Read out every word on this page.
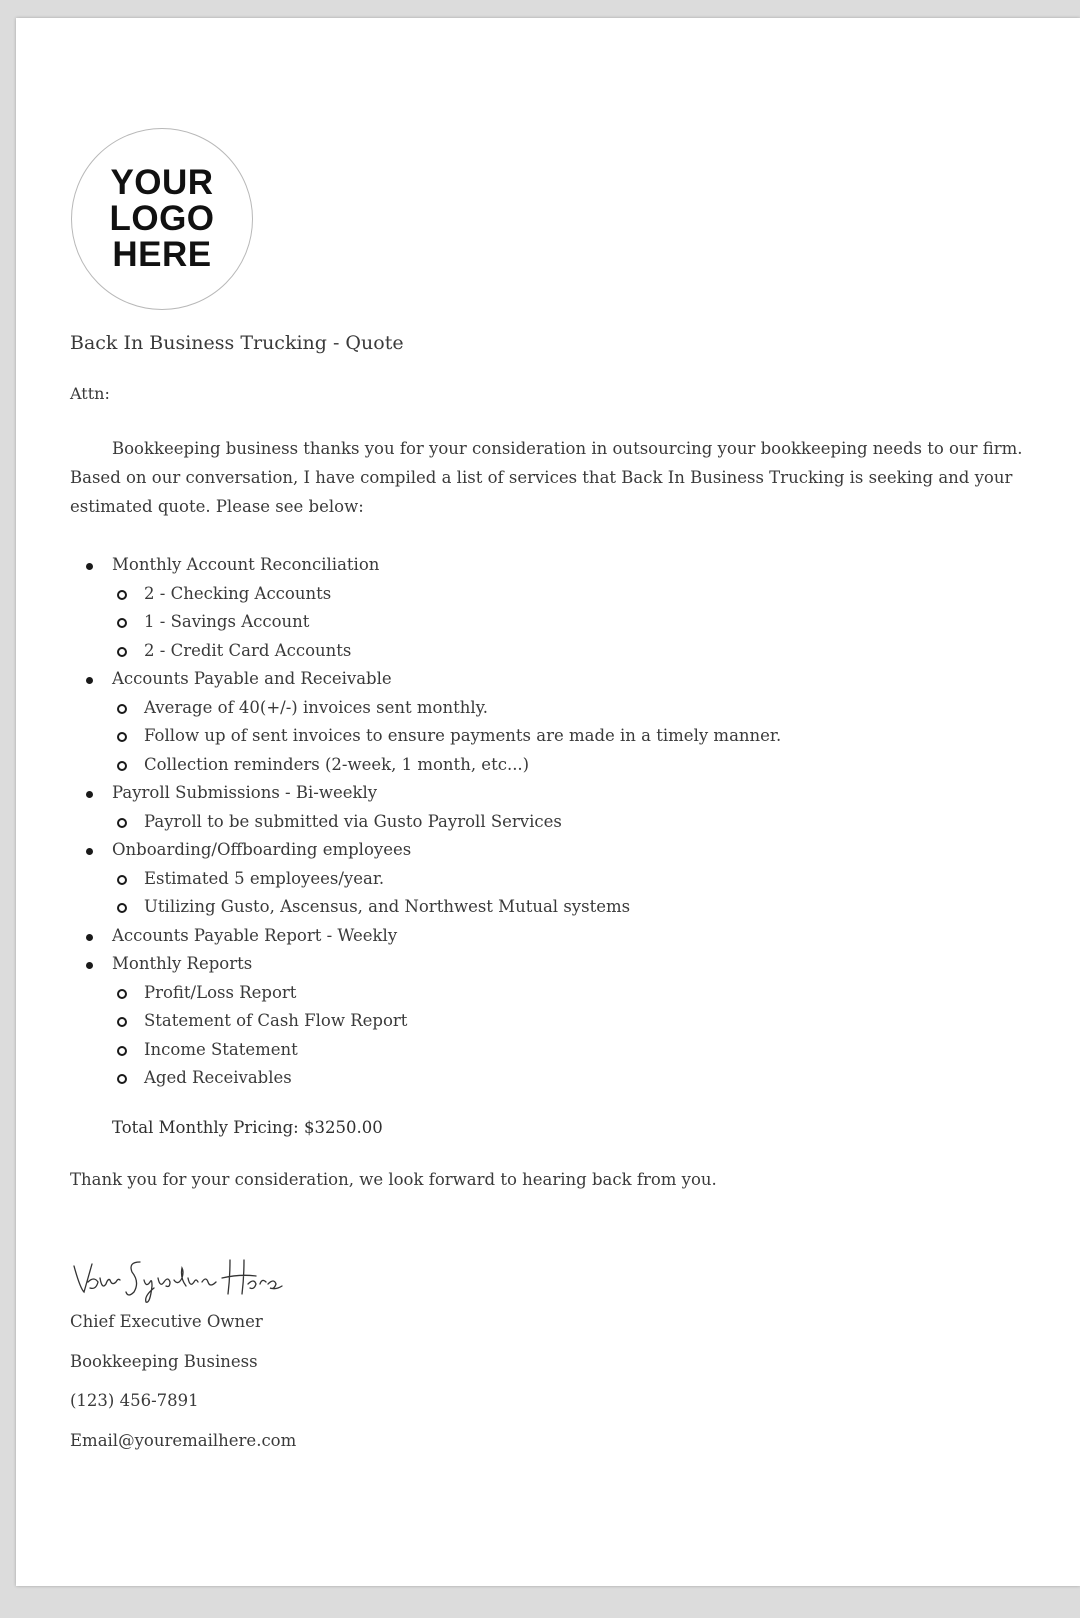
YOUR
LOGO
HERE
Back In Business Trucking - Quote
Attn:

Bookkeeping business thanks you for your consideration in outsourcing your bookkeeping needs to our firm. Based on our conversation, I have compiled a list of services that Back In Business Trucking is seeking and your estimated quote. Please see below:

Monthly Account Reconciliation
2 - Checking Accounts
1 - Savings Account
2 - Credit Card Accounts
Accounts Payable and Receivable
Average of 40(+/-) invoices sent monthly.
Follow up of sent invoices to ensure payments are made in a timely manner.
Collection reminders (2-week, 1 month, etc...)
Payroll Submissions - Bi-weekly
Payroll to be submitted via Gusto Payroll Services
Onboarding/Offboarding employees
Estimated 5 employees/year.
Utilizing Gusto, Ascensus, and Northwest Mutual systems
Accounts Payable Report - Weekly
Monthly Reports
Profit/Loss Report
Statement of Cash Flow Report
Income Statement
Aged Receivables
Total Monthly Pricing: $3250.00
Thank you for your consideration, we look forward to hearing back from you.
Chief Executive Owner
Bookkeeping Business
(123) 456-7891
Email@youremailhere.com
